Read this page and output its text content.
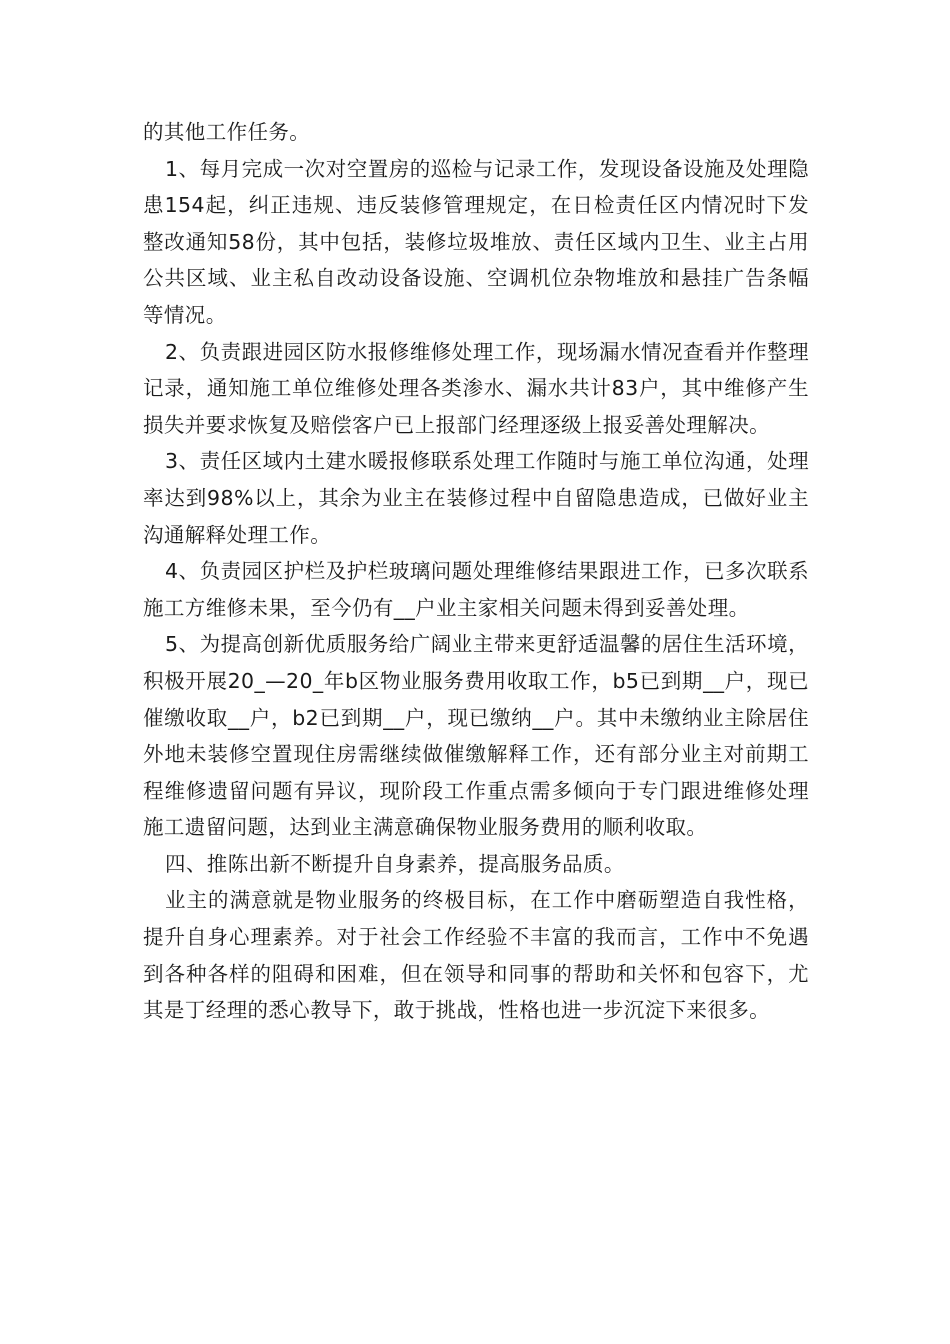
的其他工作任务。

1、每月完成一次对空置房的巡检与记录工作，发现设备设施及处理隐患154起，纠正违规、违反装修管理规定，在日检责任区内情况时下发整改通知58份，其中包括，装修垃圾堆放、责任区域内卫生、业主占用公共区域、业主私自改动设备设施、空调机位杂物堆放和悬挂广告条幅等情况。

2、负责跟进园区防水报修维修处理工作，现场漏水情况查看并作整理记录，通知施工单位维修处理各类渗水、漏水共计83户，其中维修产生损失并要求恢复及赔偿客户已上报部门经理逐级上报妥善处理解决。

3、责任区域内土建水暖报修联系处理工作随时与施工单位沟通，处理率达到98%以上，其余为业主在装修过程中自留隐患造成，已做好业主沟通解释处理工作。

4、负责园区护栏及护栏玻璃问题处理维修结果跟进工作，已多次联系施工方维修未果，至今仍有__户业主家相关问题未得到妥善处理。

5、为提高创新优质服务给广阔业主带来更舒适温馨的居住生活环境，积极开展20_—20_年b区物业服务费用收取工作，b5已到期__户，现已催缴收取__户，b2已到期__户，现已缴纳__户。其中未缴纳业主除居住外地未装修空置现住房需继续做催缴解释工作，还有部分业主对前期工程维修遗留问题有异议，现阶段工作重点需多倾向于专门跟进维修处理施工遗留问题，达到业主满意确保物业服务费用的顺利收取。

四、推陈出新不断提升自身素养，提高服务品质。

业主的满意就是物业服务的终极目标，在工作中磨砺塑造自我性格，提升自身心理素养。对于社会工作经验不丰富的我而言，工作中不免遇到各种各样的阻碍和困难，但在领导和同事的帮助和关怀和包容下，尤其是丁经理的悉心教导下，敢于挑战，性格也进一步沉淀下来很多。
